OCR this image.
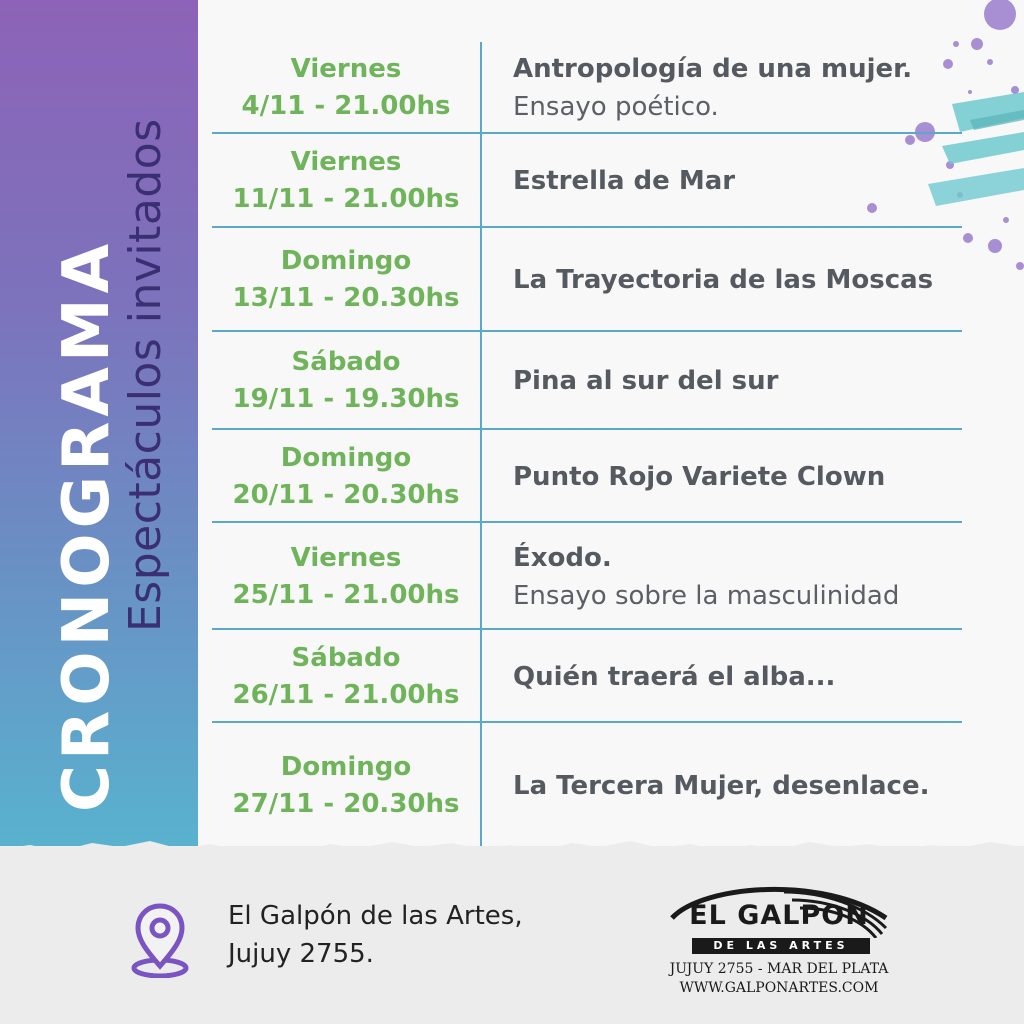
CRONOGRAMA
Espectáculos invitados
Viernes
4/11 - 21.00hs
Antropología de una mujer.
Ensayo poético.
Viernes
11/11 - 21.00hs
Estrella de Mar
Domingo
13/11 - 20.30hs
La Trayectoria de las Moscas
Sábado
19/11 - 19.30hs
Pina al sur del sur
Domingo
20/11 - 20.30hs
Punto Rojo Variete Clown
Viernes
25/11 - 21.00hs
Éxodo.
Ensayo sobre la masculinidad
Sábado
26/11 - 21.00hs
Quién traerá el alba...
Domingo
27/11 - 20.30hs
La Tercera Mujer, desenlace.
El Galpón de las Artes,
Jujuy 2755.
EL GALPON
DE LAS ARTES
JUJUY 2755 - MAR DEL PLATA
WWW.GALPONARTES.COM
